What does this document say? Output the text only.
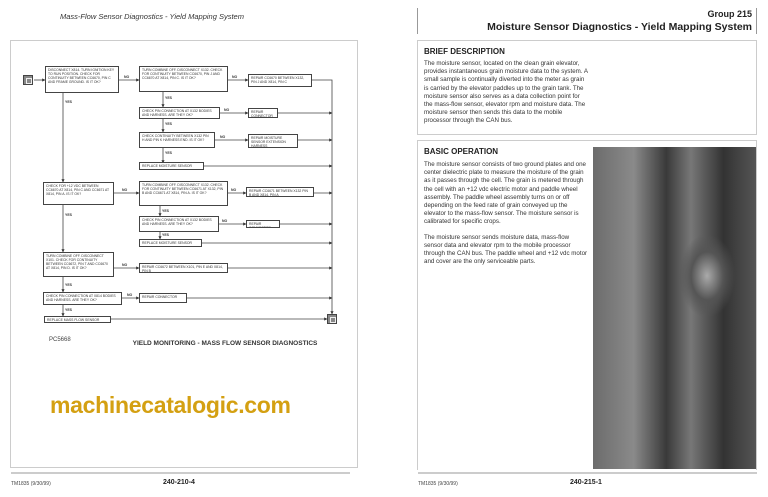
Mass-Flow Sensor Diagnostics - Yield Mapping System
DISCONNECT X814. TURN IGNITION KEY TO RUN POSITION. CHECK FOR CONTINUITY BETWEEN CC6670, PIN C AND FRAME GROUND. IS IT OK?
TURN COMBINE OFF. DISCONNECT X132. CHECK FOR CONTINUITY BETWEEN CC6670, PIN J AND CC6670 AT X814, PIN C. IS IT OK?	REPAIR CC6670 BETWEEN X132, PIN J AND X814, PIN C
CHECK PIN CONNECTION AT X132 BODIES AND HARNESS. ARE THEY OK?
REPAIR CONNECTOR
CHECK CONTINUITY BETWEEN X132 PIN H AND PIN K HARNESS END. IS IT OK?	REPAIR MOISTURE SENSOR EXTENSION HARNESS
REPLACE MOISTURE SENSOR
CHECK FOR +12 VDC BETWEEN CC6670 AT X814, PIN C AND CC6671 AT X814, PIN A. IS IT OK?
TURN COMBINE OFF. DISCONNECT X132. CHECK FOR CONTINUITY BETWEEN CC6671 AT X132, PIN B AND CC6671 AT X814, PIN A. IS IT OK?	REPAIR CC6671 BETWEEN X132 PIN B AND X814, PIN A
CHECK PIN CONNECTION AT X132 BODIES AND HARNESS. ARE THEY OK?	REPAIR CONNECTOR
REPLACE MOISTURE SENSOR
TURN COMBINE OFF. DISCONNECT X101. CHECK FOR CONTINUITY BETWEEN CC6672, PIN T AND CC6670 AT X814, PIN D. IS IT OK?	REPAIR CC6672 BETWEEN X101, PIN E AND X814, PIN B
CHECK PIN CONNECTION AT X814 BODIES AND HARNESS. ARE THEY OK?
REPAIR CONNECTOR
REPLACE MASS FLOW SENSOR
NO	NO
NO
NO
NO	NO
NO
NO
NO
YES
YES
YES
YES
YES
YES
YES
YES
YES
PC5668	YIELD MONITORING - MASS FLOW SENSOR DIAGNOSTICS
machinecatalogic.com
TM1835 (9/30/99)	240-210-4
Group 215
Moisture Sensor Diagnostics - Yield Mapping System
BRIEF DESCRIPTION
The moisture sensor, located on the clean grain elevator, provides instantaneous grain moisture data to the system. A small sample is continually diverted into the meter as grain is carried by the elevator paddles up to the grain tank. The moisture sensor also serves as a data collection point for the mass-flow sensor, elevator rpm and moisture data. The moisture sensor then sends this data to the mobile processor through the CAN bus.
BASIC OPERATION

The moisture sensor consists of two ground plates and one center dielectric plate to measure the moisture of the grain as it passes through the cell. The grain is metered through the cell with an +12 vdc electric motor and paddle wheel assembly. The paddle wheel assembly turns on or off depending on the feed rate of grain conveyed up the elevator to the mass-flow sensor. The moisture sensor is calibrated for specific crops.

The moisture sensor sends moisture data, mass-flow sensor data and elevator rpm to the mobile processor through the CAN bus. The paddle wheel and +12 vdc motor and cover are the only serviceable parts.

TM1835 (9/30/99)	240-215-1
